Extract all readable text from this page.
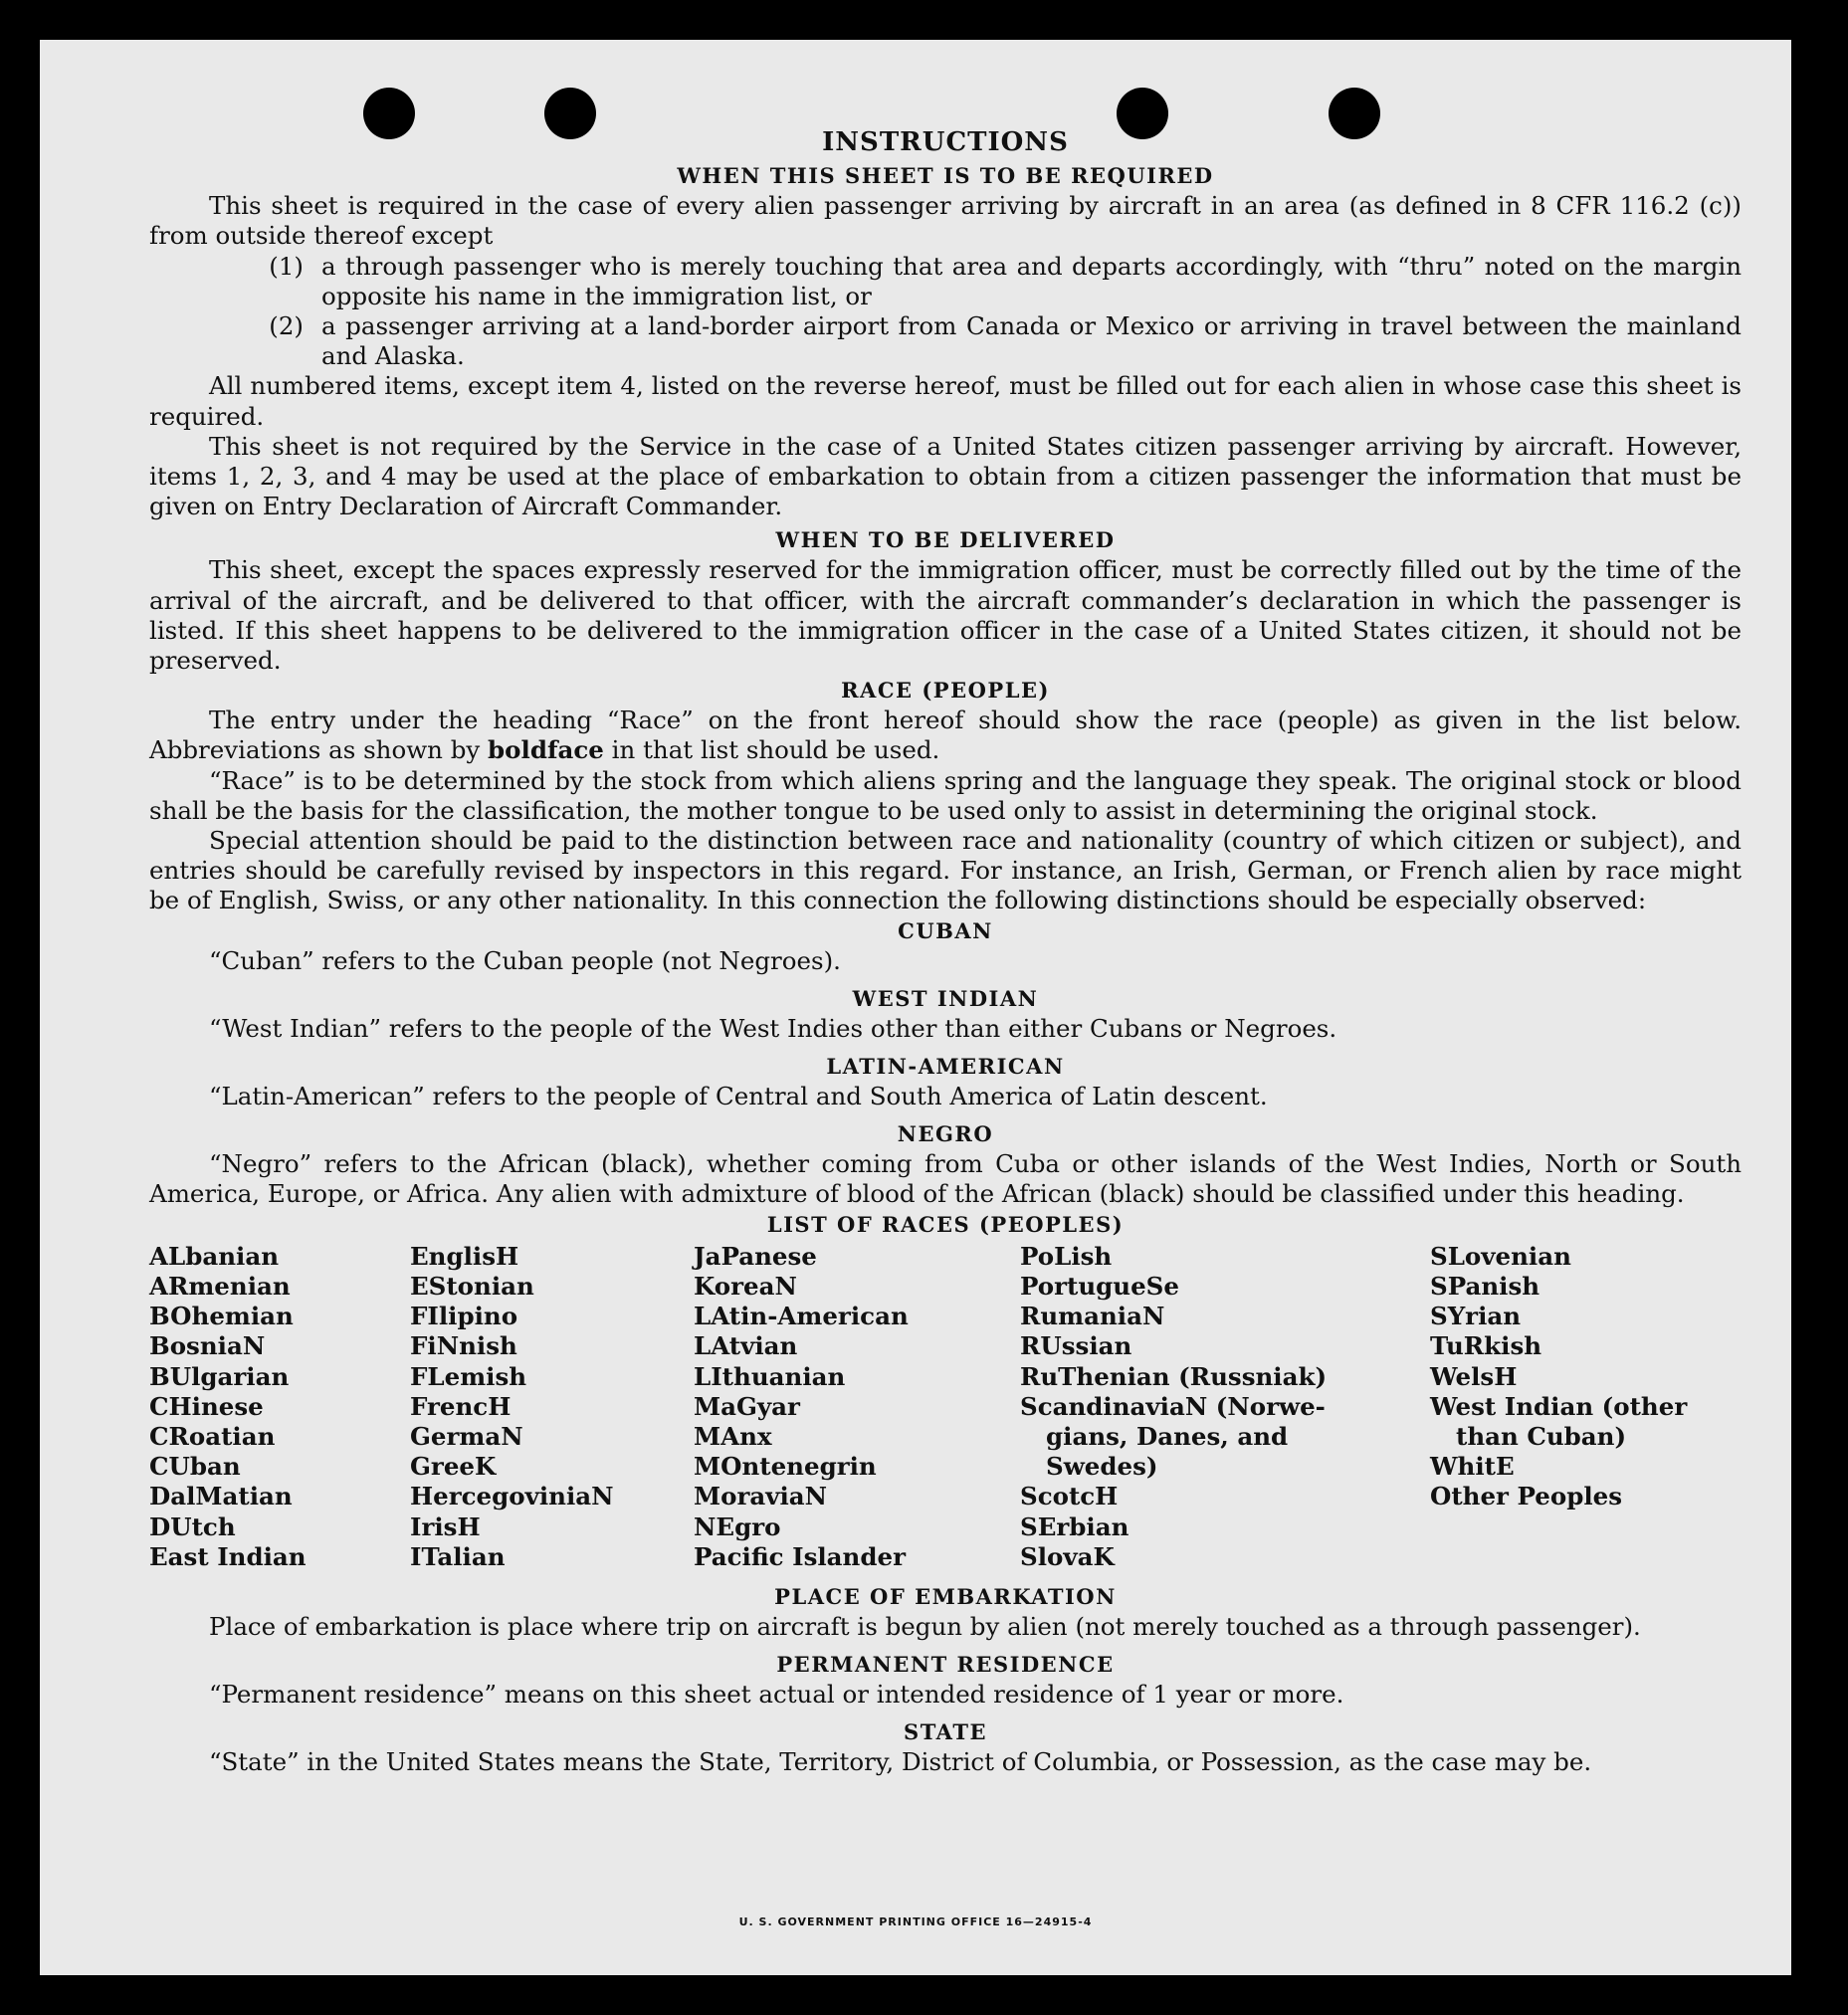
INSTRUCTIONS
WHEN THIS SHEET IS TO BE REQUIRED

This sheet is required in the case of every alien passenger arriving by aircraft in an area (as defined in 8 CFR 116.2 (c)) from outside thereof except

(1) a through passenger who is merely touching that area and departs accordingly, with “thru” noted on the margin opposite his name in the immigration list, or
(2) a passenger arriving at a land-border airport from Canada or Mexico or arriving in travel between the mainland and Alaska.

All numbered items, except item 4, listed on the reverse hereof, must be filled out for each alien in whose case this sheet is required.

This sheet is not required by the Service in the case of a United States citizen passenger arriving by aircraft. However, items 1, 2, 3, and 4 may be used at the place of embarkation to obtain from a citizen passenger the information that must be given on Entry Declaration of Aircraft Commander.

WHEN TO BE DELIVERED

This sheet, except the spaces expressly reserved for the immigration officer, must be correctly filled out by the time of the arrival of the aircraft, and be delivered to that officer, with the aircraft commander’s declaration in which the passenger is listed. If this sheet happens to be delivered to the immigration officer in the case of a United States citizen, it should not be preserved.

RACE (PEOPLE)

The entry under the heading “Race” on the front hereof should show the race (people) as given in the list below. Abbreviations as shown by boldface in that list should be used.

“Race” is to be determined by the stock from which aliens spring and the language they speak. The original stock or blood shall be the basis for the classification, the mother tongue to be used only to assist in determining the original stock.

Special attention should be paid to the distinction between race and nationality (country of which citizen or subject), and entries should be carefully revised by inspectors in this regard. For instance, an Irish, German, or French alien by race might be of English, Swiss, or any other nationality. In this connection the following distinctions should be especially observed:

CUBAN

“Cuban” refers to the Cuban people (not Negroes).

WEST INDIAN

“West Indian” refers to the people of the West Indies other than either Cubans or Negroes.

LATIN-AMERICAN

“Latin-American” refers to the people of Central and South America of Latin descent.

NEGRO

“Negro” refers to the African (black), whether coming from Cuba or other islands of the West Indies, North or South America, Europe, or Africa. Any alien with admixture of blood of the African (black) should be classified under this heading.

LIST OF RACES (PEOPLES)
ALbanian
ARmenian
BOhemian
BosniaN
BUlgarian
CHinese
CRoatian
CUban
DalMatian
DUtch
East Indian
EnglisH
EStonian
FIlipino
FiNnish
FLemish
FrencH
GermaN
GreeK
HercegoviniaN
IrisH
ITalian
JaPanese
KoreaN
LAtin-American
LAtvian
LIthuanian
MaGyar
MAnx
MOntenegrin
MoraviaN
NEgro
Pacific Islander
PoLish
PortugueSe
RumaniaN
RUssian
RuThenian (Russniak)
ScandinaviaN (Norwe-
gians, Danes, and
Swedes)
ScotcH
SErbian
SlovaK
SLovenian
SPanish
SYrian
TuRkish
WelsH
West Indian (other
than Cuban)
WhitE
Other Peoples
PLACE OF EMBARKATION

Place of embarkation is place where trip on aircraft is begun by alien (not merely touched as a through passenger).

PERMANENT RESIDENCE

“Permanent residence” means on this sheet actual or intended residence of 1 year or more.

STATE

“State” in the United States means the State, Territory, District of Columbia, or Possession, as the case may be.

U. S. GOVERNMENT PRINTING OFFICE 16—24915-4
